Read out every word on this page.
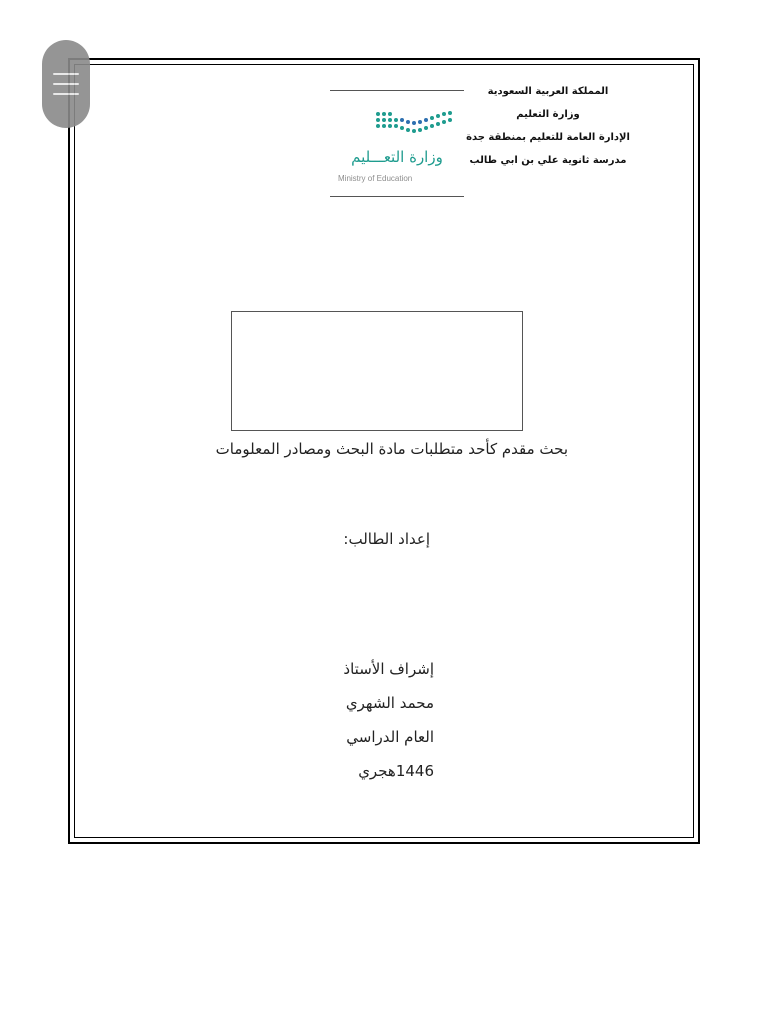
المملكة العربية السعودية
وزارة التعليم
الإدارة العامة للتعليم بمنطقة جدة
مدرسة ثانوية علي بن ابي طالب
وزارة التعـــليم
Ministry of Education
بحث مقدم كأحد متطلبات مادة البحث ومصادر المعلومات
إعداد الطالب:
إشراف الأستاذ
محمد الشهري
العام الدراسي
1446هجري
